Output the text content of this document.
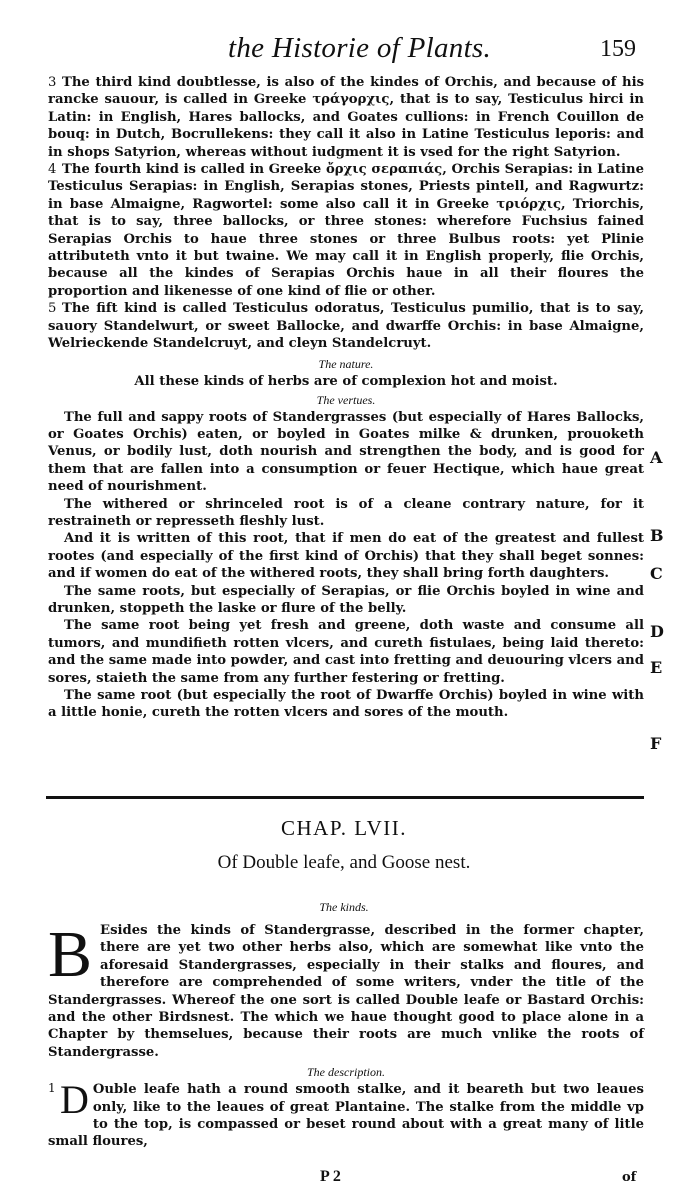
the Historie of Plants.	159

3 The third kind doubtlesse, is also of the kindes of Orchis, and because of his rancke sauour, is called in Greeke τράγορχις, that is to say, Testiculus hirci in Latin: in English, Hares ballocks, and Goates cullions: in French Couillon de bouq: in Dutch, Bocrullekens: they call it also in Latine Testiculus leporis: and in shops Satyrion, whereas without iudgment it is vsed for the right Satyrion.

4 The fourth kind is called in Greeke ὄρχις σεραπιάς, Orchis Serapias: in Latine Testiculus Serapias: in English, Serapias stones, Priests pintell, and Ragwurtz: in base Almaigne, Ragwortel: some also call it in Greeke τριόρχις, Triorchis, that is to say, three ballocks, or three stones: wherefore Fuchsius fained Serapias Orchis to haue three stones or three Bulbus roots: yet Plinie attributeth vnto it but twaine. We may call it in English properly, flie Orchis, because all the kindes of Serapias Orchis haue in all their floures the proportion and likenesse of one kind of flie or other.

5 The fift kind is called Testiculus odoratus, Testiculus pumilio, that is to say, sauory Standelwurt, or sweet Ballocke, and dwarffe Orchis: in base Almaigne, Welrieckende Standelcruyt, and cleyn Standelcruyt.

The nature.

All these kinds of herbs are of complexion hot and moist.

The vertues.

The full and sappy roots of Standergrasses (but especially of Hares Ballocks, or Goates Orchis) eaten, or boyled in Goates milke & drunken, prouoketh Venus, or bodily lust, doth nourish and strengthen the body, and is good for them that are fallen into a consumption or feuer Hectique, which haue great need of nourishment.

The withered or shrinceled root is of a cleane contrary nature, for it restraineth or represseth fleshly lust.

And it is written of this root, that if men do eat of the greatest and fullest rootes (and especially of the first kind of Orchis) that they shall beget sonnes: and if women do eat of the withered roots, they shall bring forth daughters.

The same roots, but especially of Serapias, or flie Orchis boyled in wine and drunken, stoppeth the laske or flure of the belly.

The same root being yet fresh and greene, doth waste and consume all tumors, and mundifieth rotten vlcers, and cureth fistulaes, being laid thereto: and the same made into powder, and cast into fretting and deuouring vlcers and sores, staieth the same from any further festering or fretting.

The same root (but especially the root of Dwarffe Orchis) boyled in wine with a little honie, cureth the rotten vlcers and sores of the mouth.

A
B
C
D
E
F
CHAP. LVII.
Of Double leafe, and Goose nest.

The kinds.

B Esides the kinds of Standergrasse, described in the former chapter, there are yet two other herbs also, which are somewhat like vnto the aforesaid Standergrasses, especially in their stalks and floures, and therefore are comprehended of some writers, vnder the title of the Standergrasses. Whereof the one sort is called Double leafe or Bastard Orchis: and the other Birdsnest. The which we haue thought good to place alone in a Chapter by themselues, because their roots are much vnlike the roots of Standergrasse.

The description.

1 D Ouble leafe hath a round smooth stalke, and it beareth but two leaues only, like to the leaues of great Plantaine. The stalke from the middle vp to the top, is compassed or beset round about with a great many of litle small floures,

P 2	of
